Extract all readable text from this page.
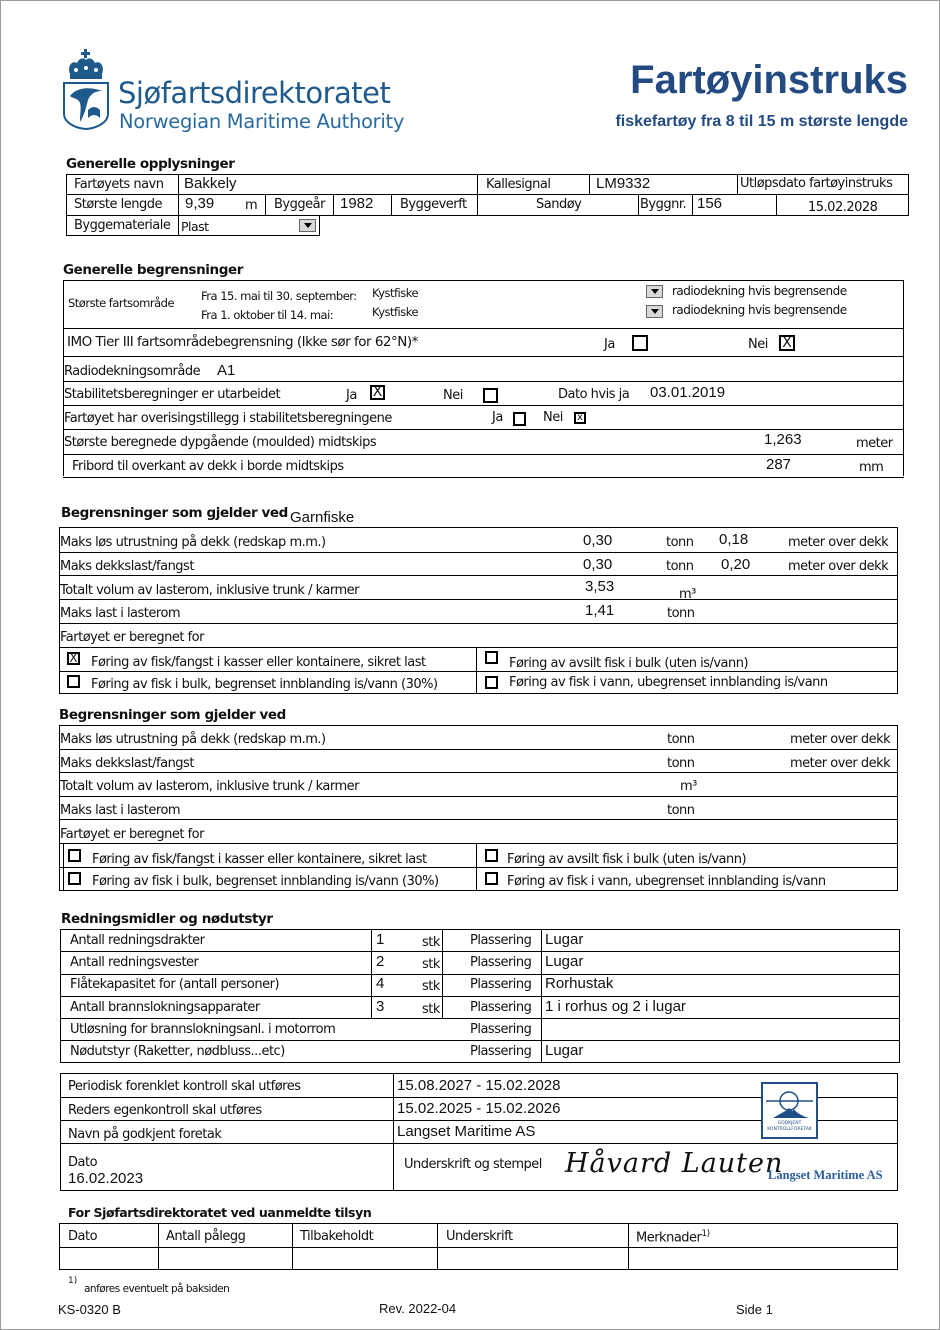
Sjøfartsdirektoratet
Norwegian Maritime Authority
Fartøyinstruks
fiskefartøy fra 8 til 15 m største lengde
Generelle opplysninger
Fartøyets navn Bakkely	Kallesignal	LM9332	Utløpsdato fartøyinstruks
Største lengde 9,39 m Byggeår 1982 Byggeverft	Sandøy	Byggnr. 156	15.02.2028
Byggemateriale Plast
Generelle begrensninger
Største fartsområde Fra 15. mai til 30. september: Kystfiske
Fra 1. oktober til 14. mai:	Kystfiske
radiodekning hvis begrensende
radiodekning hvis begrensende
IMO Tier III fartsområdebegrensning (Ikke sør for 62°N)*	Ja	Nei X
Radiodekningsområde A1
Stabilitetsberegninger er utarbeidet	Ja X	Nei	Dato hvis ja 03.01.2019
Fartøyet har overisingstillegg i stabilitetsberegningene	Ja	Nei	x
Største beregnede dypgående (moulded) midtskips	1,263	meter
Fribord til overkant av dekk i borde midtskips	287	mm
Begrensninger som gjelder ved Garnfiske
Maks løs utrustning på dekk (redskap m.m.)	0,30	tonn 0,18	meter over dekk
Maks dekkslast/fangst	0,30	tonn 0,20	meter over dekk
Totalt volum av lasterom, inklusive trunk / karmer	3,53	m³
Maks last i lasterom	1,41	tonn
Fartøyet er beregnet for
X Føring av fisk/fangst i kasser eller kontainere, sikret last	Føring av avsilt fisk i bulk (uten is/vann)
Føring av fisk i bulk, begrenset innblanding is/vann (30%)	Føring av fisk i vann, ubegrenset innblanding is/vann
Begrensninger som gjelder ved
Maks løs utrustning på dekk (redskap m.m.)	tonn	meter over dekk
Maks dekkslast/fangst	tonn	meter over dekk
Totalt volum av lasterom, inklusive trunk / karmer	m³
Maks last i lasterom	tonn
Fartøyet er beregnet for
Føring av fisk/fangst i kasser eller kontainere, sikret last	Føring av avsilt fisk i bulk (uten is/vann)
Føring av fisk i bulk, begrenset innblanding is/vann (30%)	Føring av fisk i vann, ubegrenset innblanding is/vann
Redningsmidler og nødutstyr
Antall redningsdrakter	1	stk Plassering Lugar
Antall redningsvester	2	stk Plassering Lugar
Flåtekapasitet for (antall personer)	4	stk Plassering Rorhustak
Antall brannslokningsapparater	3	stk Plassering 1 i rorhus og 2 i lugar
Utløsning for brannslokningsanl. i motorrom	Plassering
Nødutstyr (Raketter, nødbluss...etc)	Plassering Lugar
Periodisk forenklet kontroll skal utføres	15.08.2027 - 15.02.2028
Reders egenkontroll skal utføres	15.02.2025 - 15.02.2026
Navn på godkjent foretak	Langset Maritime AS
Dato
16.02.2023
Underskrift og stempel Håvard Lauten
Langset Maritime AS
GODKJENT
KONTROLLFORETAK
For Sjøfartsdirektoratet ved uanmeldte tilsyn
Dato	Antall pålegg	Tilbakeholdt	Underskrift	Merknader$^{1)}$
1)
anføres eventuelt på baksiden
KS-0320 B	Rev. 2022-04	Side 1
